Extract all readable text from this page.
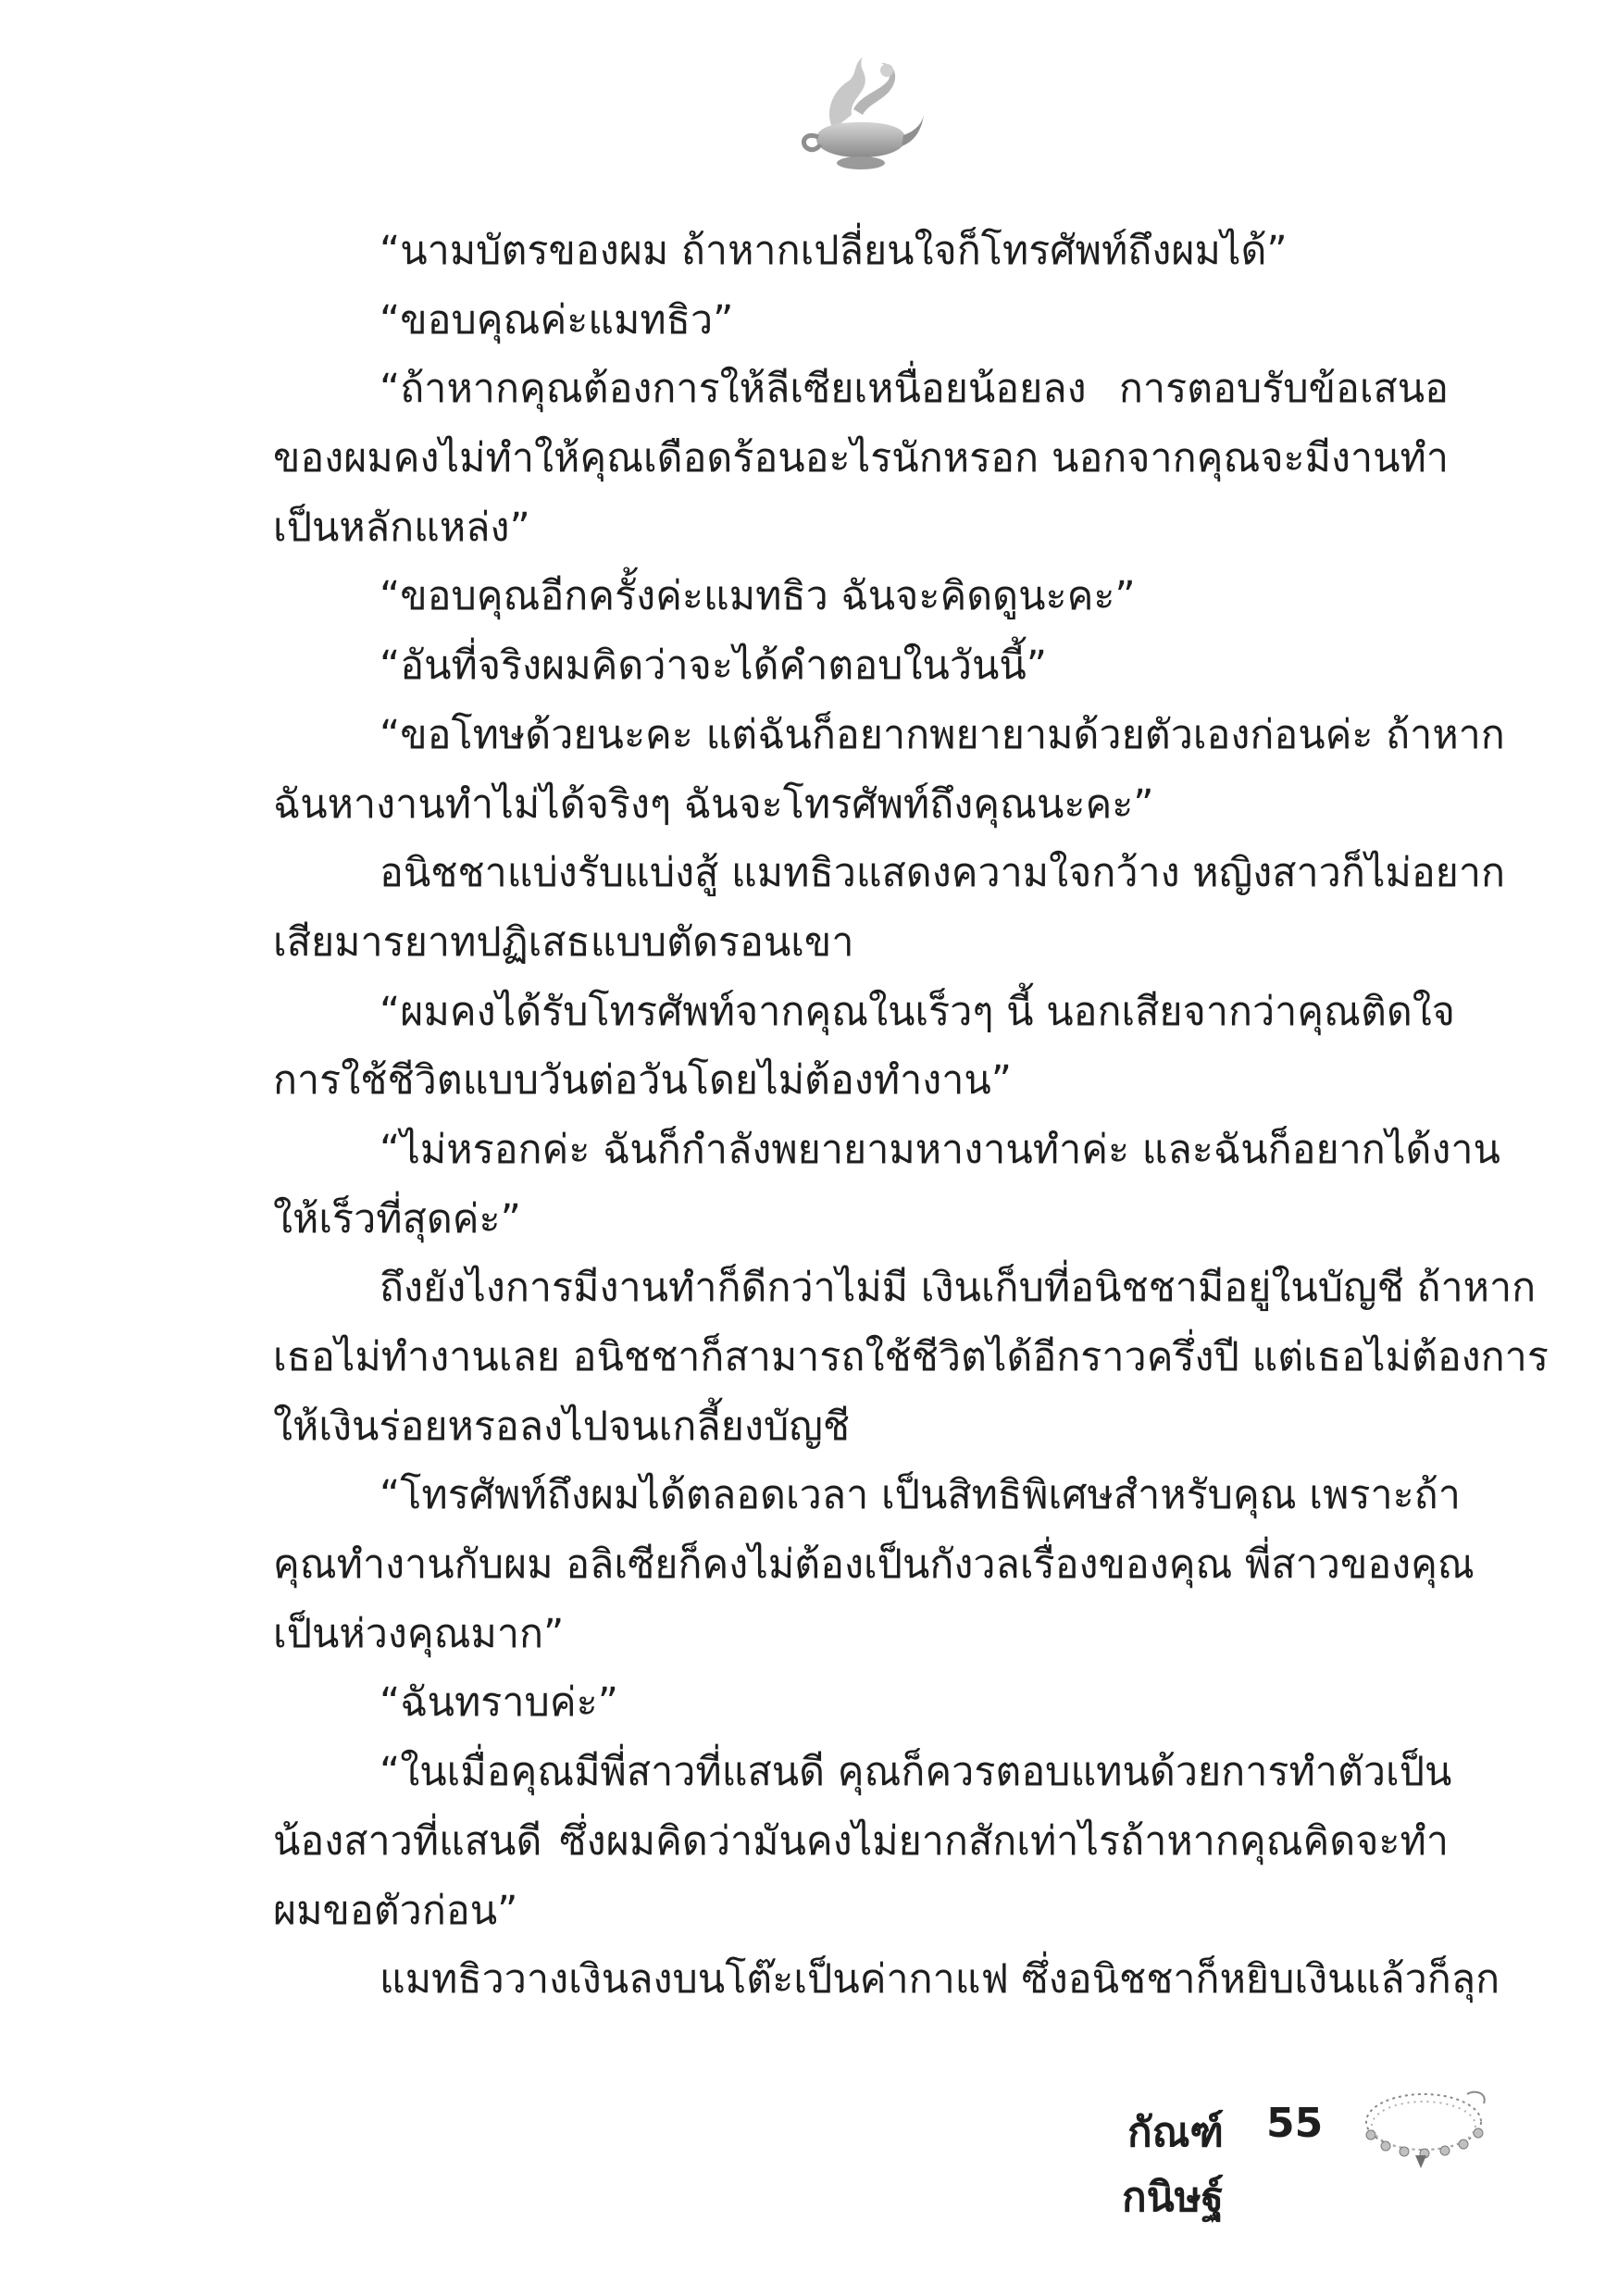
“นามบัตรของผม ถ้าหากเปลี่ยนใจก็โทรศัพท์ถึงผมได้”
“ขอบคุณค่ะแมทธิว”
“ถ้าหากคุณต้องการให้ลีเซียเหนื่อยน้อยลง การตอบรับข้อเสนอ
ของผมคงไม่ทำให้คุณเดือดร้อนอะไรนักหรอก นอกจากคุณจะมีงานทำ
เป็นหลักแหล่ง”
“ขอบคุณอีกครั้งค่ะแมทธิว ฉันจะคิดดูนะคะ”
“อันที่จริงผมคิดว่าจะได้คำตอบในวันนี้”
“ขอโทษด้วยนะคะ แต่ฉันก็อยากพยายามด้วยตัวเองก่อนค่ะ ถ้าหาก
ฉันหางานทำไม่ได้จริงๆ ฉันจะโทรศัพท์ถึงคุณนะคะ”
อนิชชาแบ่งรับแบ่งสู้ แมทธิวแสดงความใจกว้าง หญิงสาวก็ไม่อยาก
เสียมารยาทปฏิเสธแบบตัดรอนเขา
“ผมคงได้รับโทรศัพท์จากคุณในเร็วๆ นี้ นอกเสียจากว่าคุณติดใจ
การใช้ชีวิตแบบวันต่อวันโดยไม่ต้องทำงาน”
“ไม่หรอกค่ะ ฉันก็กำลังพยายามหางานทำค่ะ และฉันก็อยากได้งาน
ให้เร็วที่สุดค่ะ”
ถึงยังไงการมีงานทำก็ดีกว่าไม่มี เงินเก็บที่อนิชชามีอยู่ในบัญชี ถ้าหาก
เธอไม่ทำงานเลย อนิชชาก็สามารถใช้ชีวิตได้อีกราวครึ่งปี แต่เธอไม่ต้องการ
ให้เงินร่อยหรอลงไปจนเกลี้ยงบัญชี
“โทรศัพท์ถึงผมได้ตลอดเวลา เป็นสิทธิพิเศษสำหรับคุณ เพราะถ้า
คุณทำงานกับผม อลิเซียก็คงไม่ต้องเป็นกังวลเรื่องของคุณ พี่สาวของคุณ
เป็นห่วงคุณมาก”
“ฉันทราบค่ะ”
“ในเมื่อคุณมีพี่สาวที่แสนดี คุณก็ควรตอบแทนด้วยการทำตัวเป็น
น้องสาวที่แสนดี ซึ่งผมคิดว่ามันคงไม่ยากสักเท่าไรถ้าหากคุณคิดจะทำ
ผมขอตัวก่อน”
แมทธิววางเงินลงบนโต๊ะเป็นค่ากาแฟ ซึ่งอนิชชาก็หยิบเงินแล้วก็ลุก
กัณฑ์กนิษฐ์
55
